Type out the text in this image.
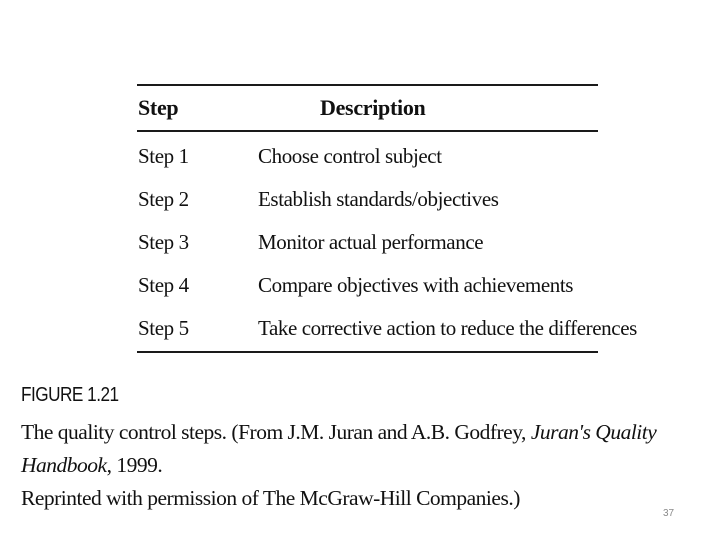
Step	Description
Step 1	Choose control subject
Step 2	Establish standards/objectives
Step 3	Monitor actual performance
Step 4	Compare objectives with achievements
Step 5	Take corrective action to reduce the differences
FIGURE 1.21
The quality control steps. (From J.M. Juran and A.B. Godfrey, Juran's Quality Handbook, 1999.
Reprinted with permission of The McGraw-Hill Companies.)
37
